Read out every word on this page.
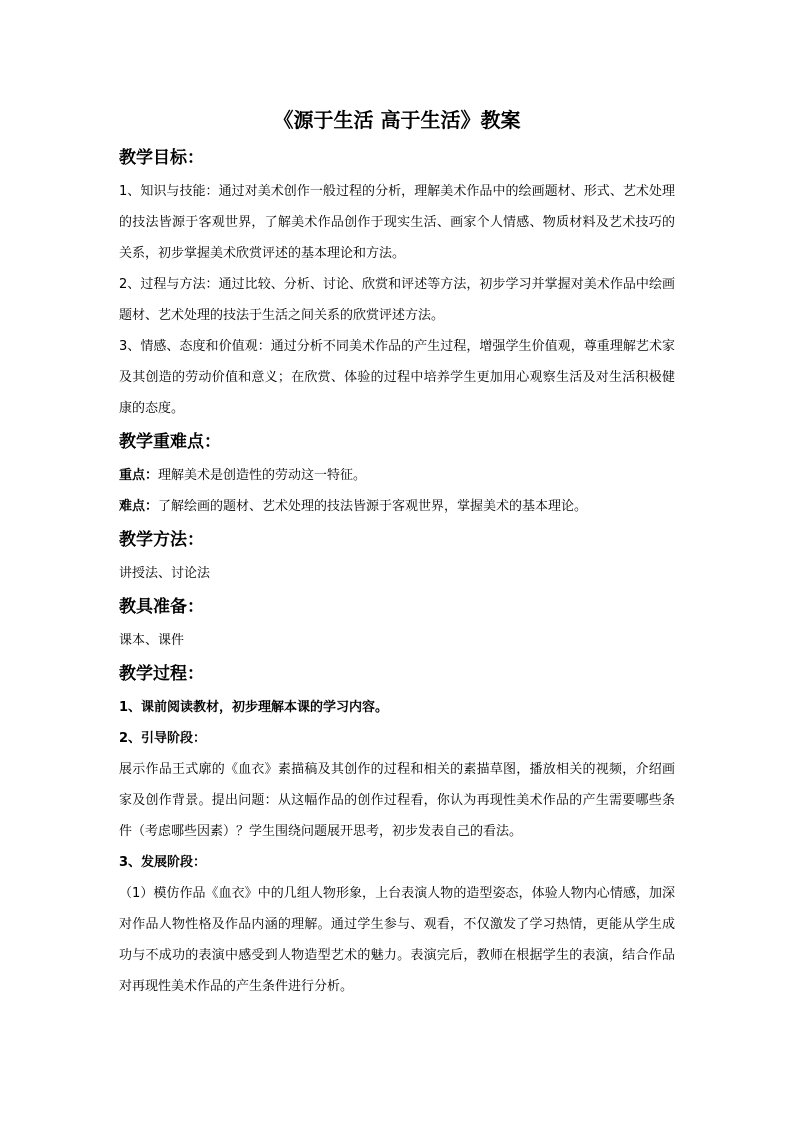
《源于生活 高于生活》教案
教学目标：
1、知识与技能：通过对美术创作一般过程的分析，理解美术作品中的绘画题材、形式、艺术处理的技法皆源于客观世界，了解美术作品创作于现实生活、画家个人情感、物质材料及艺术技巧的关系，初步掌握美术欣赏评述的基本理论和方法。
2、过程与方法：通过比较、分析、讨论、欣赏和评述等方法，初步学习并掌握对美术作品中绘画题材、艺术处理的技法于生活之间关系的欣赏评述方法。
3、情感、态度和价值观：通过分析不同美术作品的产生过程，增强学生价值观，尊重理解艺术家及其创造的劳动价值和意义；在欣赏、体验的过程中培养学生更加用心观察生活及对生活积极健康的态度。
教学重难点：
重点：理解美术是创造性的劳动这一特征。
难点：了解绘画的题材、艺术处理的技法皆源于客观世界，掌握美术的基本理论。
教学方法：
讲授法、讨论法
教具准备：
课本、课件
教学过程：
1、课前阅读教材，初步理解本课的学习内容。
2、引导阶段：
展示作品王式廓的《血衣》素描稿及其创作的过程和相关的素描草图，播放相关的视频，介绍画家及创作背景。提出问题：从这幅作品的创作过程看，你认为再现性美术作品的产生需要哪些条件（考虑哪些因素）？学生围绕问题展开思考，初步发表自己的看法。
3、发展阶段：
（1）模仿作品《血衣》中的几组人物形象，上台表演人物的造型姿态，体验人物内心情感，加深对作品人物性格及作品内涵的理解。通过学生参与、观看，不仅激发了学习热情，更能从学生成功与不成功的表演中感受到人物造型艺术的魅力。表演完后，教师在根据学生的表演，结合作品对再现性美术作品的产生条件进行分析。
